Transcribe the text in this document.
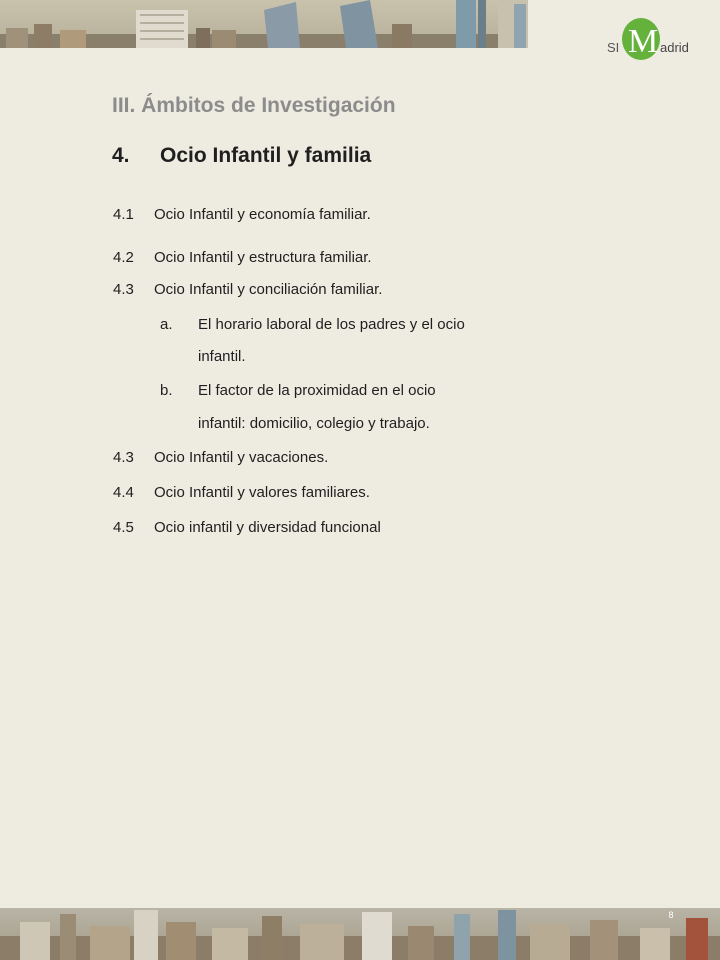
SI M adrid
III. Ámbitos de Investigación
4. Ocio Infantil y familia
4.1 Ocio Infantil y economía familiar.
4.2 Ocio Infantil y estructura familiar.
4.3 Ocio Infantil y conciliación familiar.
a. El horario laboral de los padres y el ocio
infantil.
b. El factor de la proximidad en el ocio
infantil: domicilio, colegio y trabajo.
4.3 Ocio Infantil y vacaciones.
4.4 Ocio Infantil y valores familiares.
4.5 Ocio infantil y diversidad funcional
8
